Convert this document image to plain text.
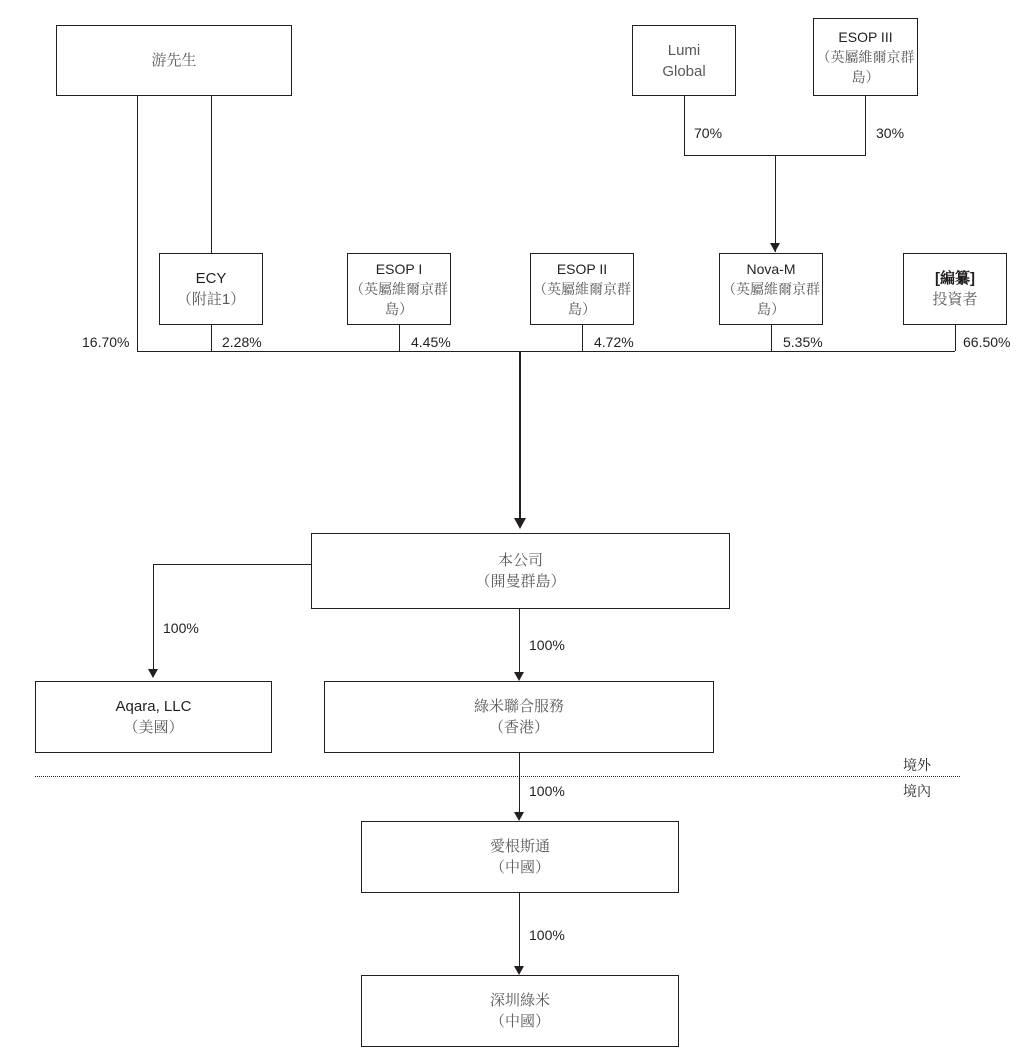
游先生
Lumi
Global
ESOP III
（英屬維爾京群島）
70%	30%
ECY
（附註1）
ESOP I
（英屬維爾京群島）
ESOP II
（英屬維爾京群島）
Nova-M
（英屬維爾京群島）
[編纂]
投資者
16.70%	2.28%	4.45%	4.72%	5.35%	66.50%
本公司
（開曼群島）
100%
100%
Aqara, LLC
（美國）
綠米聯合服務
（香港）
境外
境內
100%
愛根斯通
（中國）
100%
深圳綠米
（中國）
